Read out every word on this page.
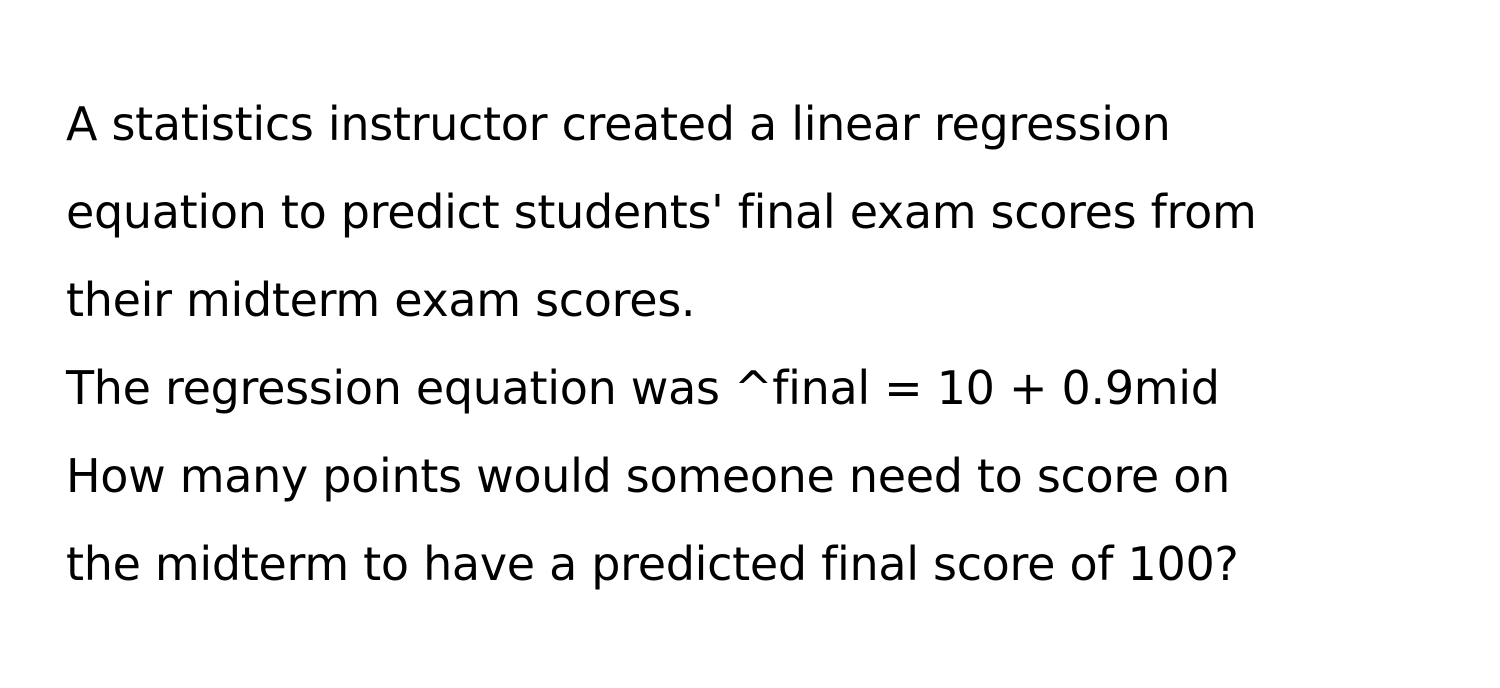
A statistics instructor created a linear regression
equation to predict students' final exam scores from
their midterm exam scores.
The regression equation was ^final = 10 + 0.9mid
How many points would someone need to score on
the midterm to have a predicted final score of 100?
